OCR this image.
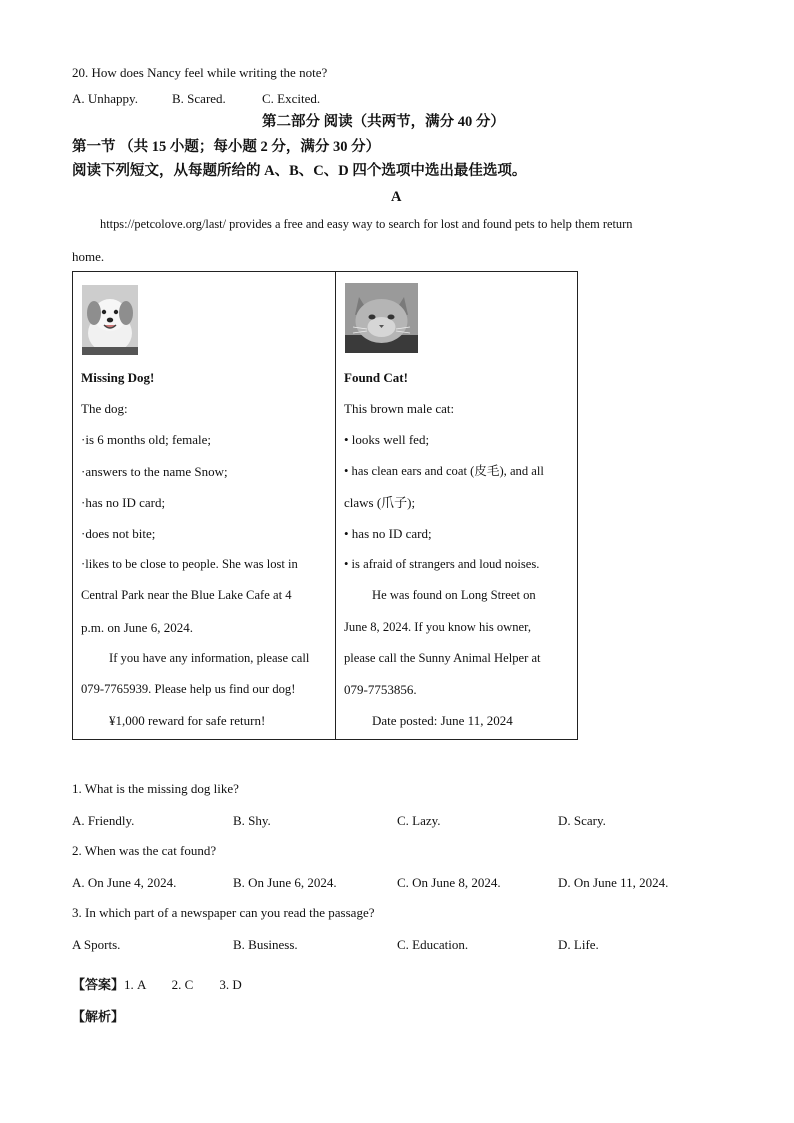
20. How does Nancy feel while writing the note?
A. Unhappy.	B. Scared.	C. Excited.
第二部分 阅读（共两节，满分 40 分）
第一节 （共 15 小题；每小题 2 分，满分 30 分）
阅读下列短文，从每题所给的 A、B、C、D 四个选项中选出最佳选项。
A
https://petcolove.org/last/ provides a free and easy way to search for lost and found pets to help them return
home.
Missing Dog!
The dog:
·is 6 months old; female;
·answers to the name Snow;
·has no ID card;
·does not bite;
·likes to be close to people. She was lost in
Central Park near the Blue Lake Cafe at 4
p.m. on June 6, 2024.
If you have any information, please call
079-7765939. Please help us find our dog!
¥1,000 reward for safe return!
Found Cat!
This brown male cat:
• looks well fed;
• has clean ears and coat (皮毛), and all
claws (爪子);
• has no ID card;
• is afraid of strangers and loud noises.
He was found on Long Street on
June 8, 2024. If you know his owner,
please call the Sunny Animal Helper at
079-7753856.
Date posted: June 11, 2024
1. What is the missing dog like?
A. Friendly.	B. Shy.	C. Lazy.	D. Scary.
2. When was the cat found?
A. On June 4, 2024.	B. On June 6, 2024.	C. On June 8, 2024.	D. On June 11, 2024.
3. In which part of a newspaper can you read the passage?
A Sports.	B. Business.	C. Education.	D. Life.
【答案】1. A        2. C        3. D
【解析】
